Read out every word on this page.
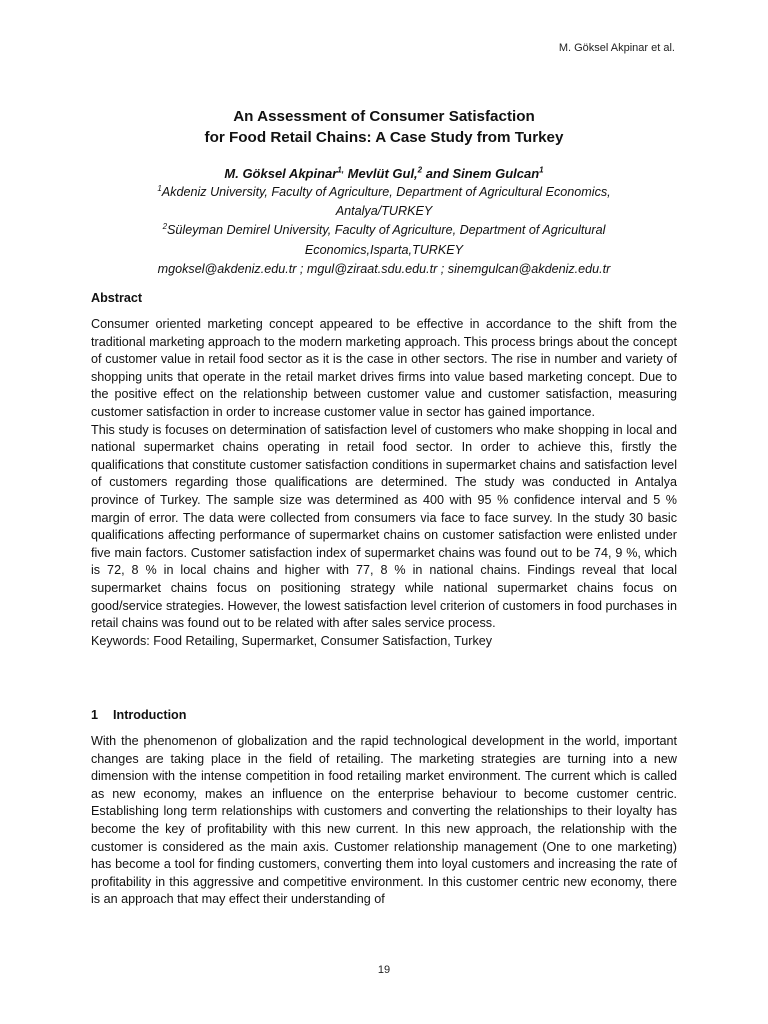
M. Göksel Akpinar et al.
An Assessment of Consumer Satisfaction
for Food Retail Chains: A Case Study from Turkey
M. Göksel Akpinar$^{1,}$ Mevlüt Gul,$^2$ and Sinem Gulcan$^1$
$^1$Akdeniz University, Faculty of Agriculture, Department of Agricultural Economics,
Antalya/TURKEY
$^2$Süleyman Demirel University, Faculty of Agriculture, Department of Agricultural
Economics,Isparta,TURKEY
mgoksel@akdeniz.edu.tr ; mgul@ziraat.sdu.edu.tr ; sinemgulcan@akdeniz.edu.tr
Abstract

Consumer oriented marketing concept appeared to be effective in accordance to the shift from the traditional marketing approach to the modern marketing approach. This process brings about the concept of customer value in retail food sector as it is the case in other sectors. The rise in number and variety of shopping units that operate in the retail market drives firms into value based marketing concept. Due to the positive effect on the relationship between customer value and customer satisfaction, measuring customer satisfaction in order to increase customer value in sector has gained importance.

This study is focuses on determination of satisfaction level of customers who make shopping in local and national supermarket chains operating in retail food sector. In order to achieve this, firstly the qualifications that constitute customer satisfaction conditions in supermarket chains and satisfaction level of customers regarding those qualifications are determined. The study was conducted in Antalya province of Turkey. The sample size was determined as 400 with 95 % confidence interval and 5 % margin of error. The data were collected from consumers via face to face survey. In the study 30 basic qualifications affecting performance of supermarket chains on customer satisfaction were enlisted under five main factors. Customer satisfaction index of supermarket chains was found out to be 74, 9 %, which is 72, 8 % in local chains and higher with 77, 8 % in national chains. Findings reveal that local supermarket chains focus on positioning strategy while national supermarket chains focus on good/service strategies. However, the lowest satisfaction level criterion of customers in food purchases in retail chains was found out to be related with after sales service process.

Keywords: Food Retailing, Supermarket, Consumer Satisfaction, Turkey

1 Introduction

With the phenomenon of globalization and the rapid technological development in the world, important changes are taking place in the field of retailing. The marketing strategies are turning into a new dimension with the intense competition in food retailing market environment. The current which is called as new economy, makes an influence on the enterprise behaviour to become customer centric. Establishing long term relationships with customers and converting the relationships to their loyalty has become the key of profitability with this new current. In this new approach, the relationship with the customer is considered as the main axis. Customer relationship management (One to one marketing) has become a tool for finding customers, converting them into loyal customers and increasing the rate of profitability in this aggressive and competitive environment. In this customer centric new economy, there is an approach that may effect their understanding of

19
